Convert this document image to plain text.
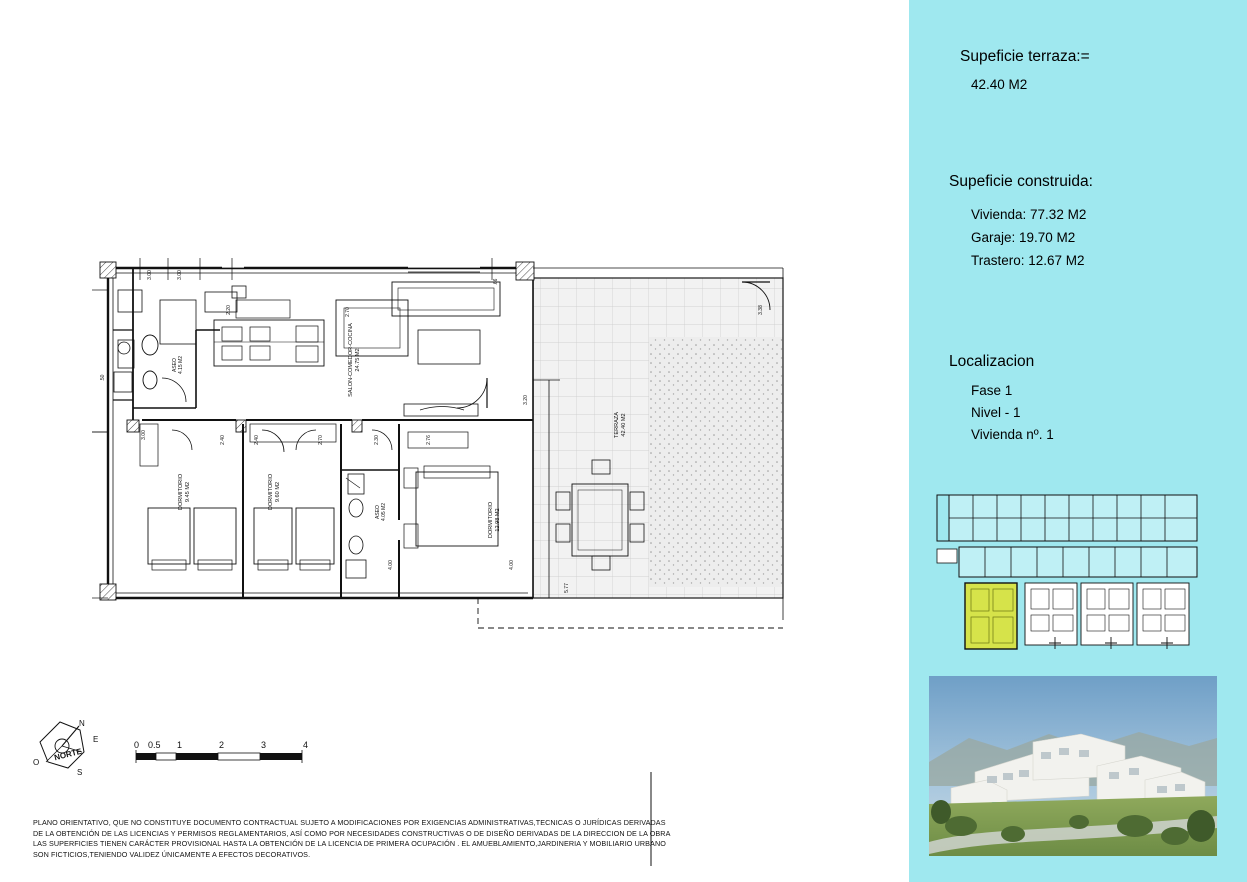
SALON-COMEDOR-COCINA 24.75 M2
DORMITORIO 9.45 M2	DORMITORIO 9.60 M2
DORMITORIO 12.98 M2
ASEO 4.15 M2
ASEO 4.05 M2
TERRAZA 42.40 M2
3.00	3.00
2.70
.66
2.20
3.20
3.00
2.40	2.40	2.70	2.30	2.76
4.00	4.00
5.77
3.38
.50
0 0.5 1	2	3	4
NORTE
O
N
E
S
PLANO ORIENTATIVO, QUE NO CONSTITUYE DOCUMENTO CONTRACTUAL SUJETO A MODIFICACIONES POR EXIGENCIAS ADMINISTRATIVAS,TECNICAS O JURÍDICAS DERIVADAS
DE LA OBTENCIÓN DE LAS LICENCIAS Y PERMISOS REGLAMENTARIOS, ASÍ COMO POR NECESIDADES CONSTRUCTIVAS O DE DISEÑO DERIVADAS DE LA DIRECCION DE LA OBRA
LAS SUPERFICIES TIENEN CARÁCTER PROVISIONAL HASTA LA OBTENCIÓN DE LA LICENCIA DE PRIMERA OCUPACIÓN . EL AMUEBLAMIENTO,JARDINERIA Y MOBILIARIO URBANO
SON FICTICIOS,TENIENDO VALIDEZ ÚNICAMENTE A EFECTOS DECORATIVOS.
Supeficie terraza:=
42.40 M2
Supeficie construida:
Vivienda: 77.32 M2
Garaje: 19.70 M2
Trastero: 12.67 M2
Localizacion
Fase 1
Nivel - 1
Vivienda nº. 1
